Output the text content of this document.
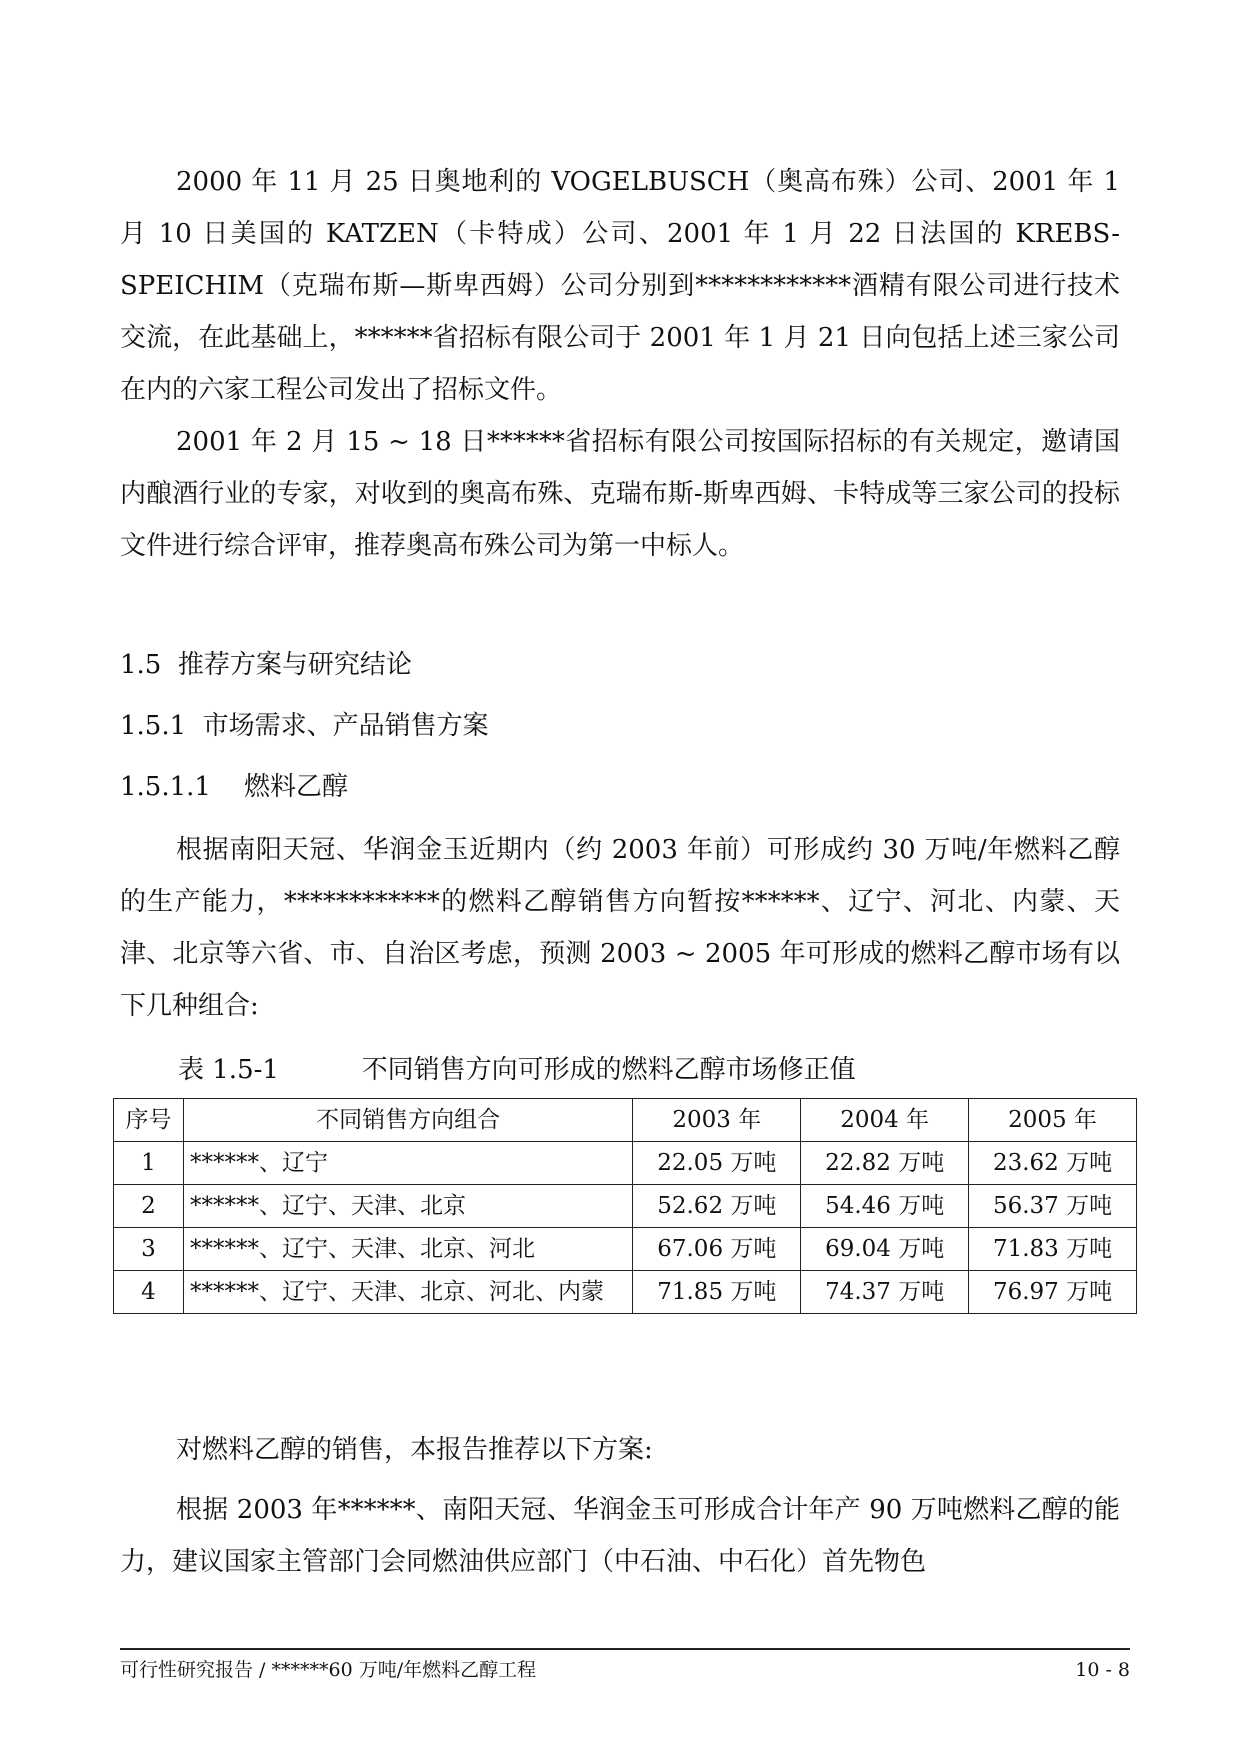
2000 年 11 月 25 日奥地利的 VOGELBUSCH（奥高布殊）公司、2001 年 1 月 10 日美国的 KATZEN（卡特成）公司、2001 年 1 月 22 日法国的 KREBS-SPEICHIM（克瑞布斯—斯卑西姆）公司分别到************酒精有限公司进行技术交流，在此基础上，******省招标有限公司于 2001 年 1 月 21 日向包括上述三家公司在内的六家工程公司发出了招标文件。

2001 年 2 月 15 ~ 18 日******省招标有限公司按国际招标的有关规定，邀请国内酿酒行业的专家，对收到的奥高布殊、克瑞布斯-斯卑西姆、卡特成等三家公司的投标文件进行综合评审，推荐奥高布殊公司为第一中标人。

1.5  推荐方案与研究结论

1.5.1  市场需求、产品销售方案

1.5.1.1    燃料乙醇

根据南阳天冠、华润金玉近期内（约 2003 年前）可形成约 30 万吨/年燃料乙醇的生产能力，************的燃料乙醇销售方向暂按******、辽宁、河北、内蒙、天津、北京等六省、市、自治区考虑，预测 2003 ~ 2005 年可形成的燃料乙醇市场有以下几种组合:

表 1.5-1          不同销售方向可形成的燃料乙醇市场修正值

序号	不同销售方向组合	2003 年	2004 年	2005 年
1	******、辽宁	22.05 万吨	22.82 万吨	23.62 万吨
2	******、辽宁、天津、北京	52.62 万吨	54.46 万吨	56.37 万吨
3	******、辽宁、天津、北京、河北	67.06 万吨	69.04 万吨	71.83 万吨
4	******、辽宁、天津、北京、河北、内蒙	71.85 万吨	74.37 万吨	76.97 万吨

对燃料乙醇的销售，本报告推荐以下方案:

根据 2003 年******、南阳天冠、华润金玉可形成合计年产 90 万吨燃料乙醇的能力，建议国家主管部门会同燃油供应部门（中石油、中石化）首先物色

可行性研究报告 / ******60 万吨/年燃料乙醇工程	10 - 8
